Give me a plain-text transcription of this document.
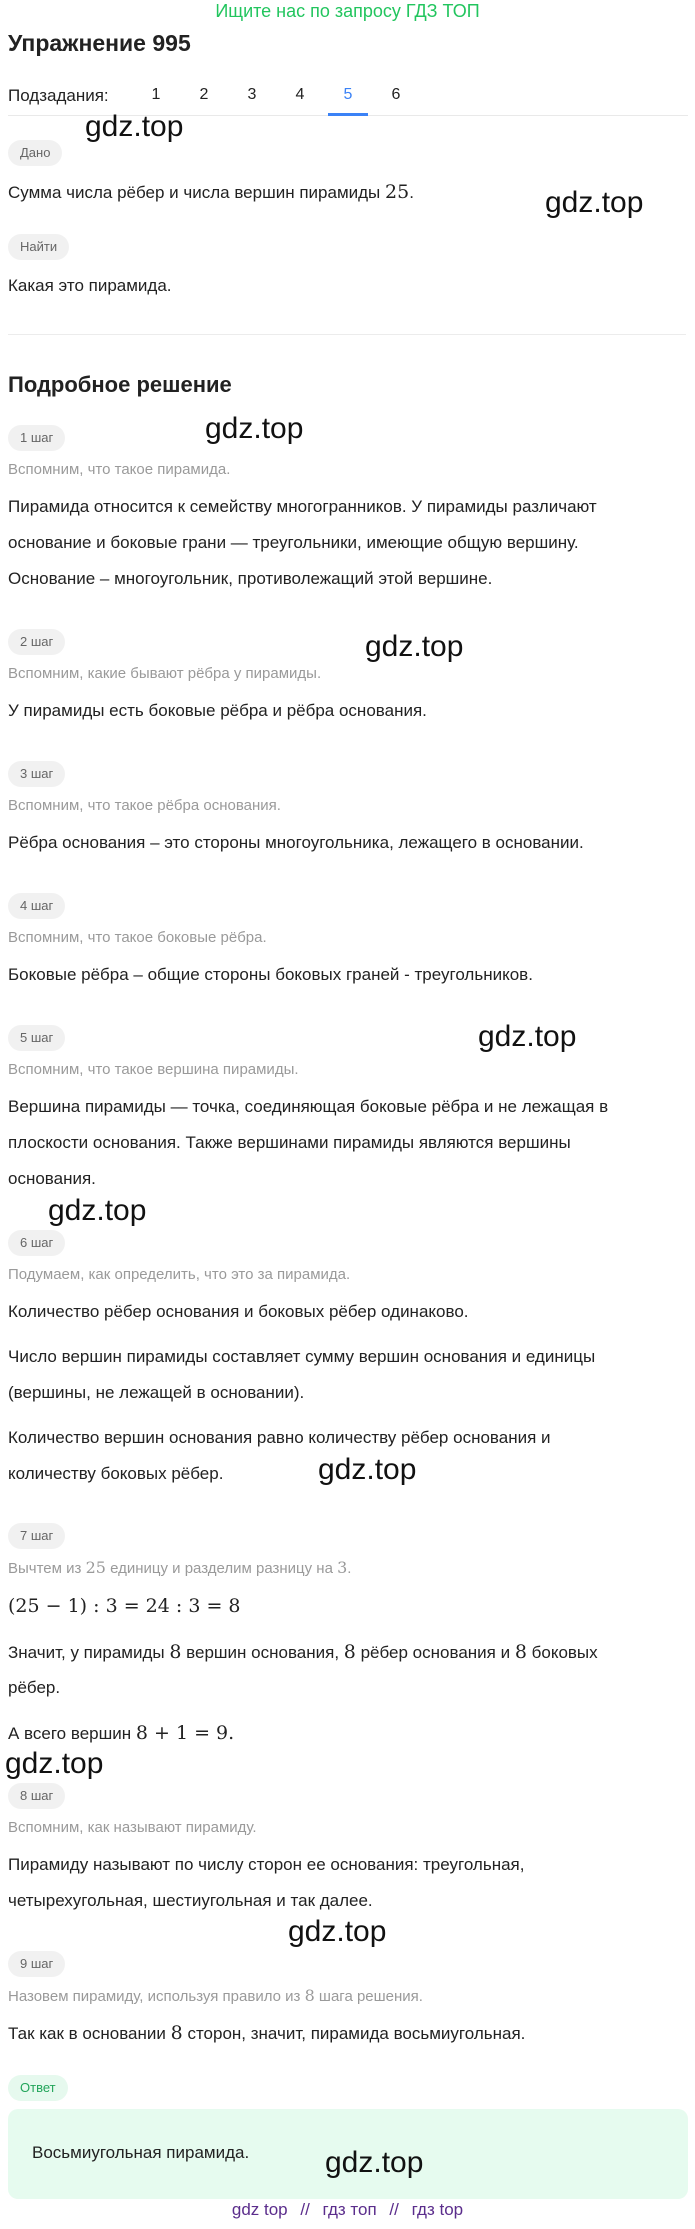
Ищите нас по запросу ГДЗ ТОП
Упражнение 995
Подзадания:	1	2	3	4	5	6
Дано

Сумма числа рёбер и числа вершин пирамиды 25.

Найти

Какая это пирамида.

Подробное решение
1 шаг

Вспомним, что такое пирамида.

Пирамида относится к семейству многогранников. У пирамиды различают

основание и боковые грани — треугольники, имеющие общую вершину.

Основание – многоугольник, противолежащий этой вершине.

2 шаг

Вспомним, какие бывают рёбра у пирамиды.

У пирамиды есть боковые рёбра и рёбра основания.

3 шаг

Вспомним, что такое рёбра основания.

Рёбра основания – это стороны многоугольника, лежащего в основании.

4 шаг

Вспомним, что такое боковые рёбра.

Боковые рёбра – общие стороны боковых граней - треугольников.

5 шаг

Вспомним, что такое вершина пирамиды.

Вершина пирамиды — точка, соединяющая боковые рёбра и не лежащая в

плоскости основания. Также вершинами пирамиды являются вершины

основания.

6 шаг

Подумаем, как определить, что это за пирамида.

Количество рёбер основания и боковых рёбер одинаково.

Число вершин пирамиды составляет сумму вершин основания и единицы

(вершины, не лежащей в основании).

Количество вершин основания равно количеству рёбер основания и

количеству боковых рёбер.

7 шаг

Вычтем из 25 единицу и разделим разницу на 3.

(25 − 1) : 3 = 24 : 3 = 8

Значит, у пирамиды 8 вершин основания, 8 рёбер основания и 8 боковых

рёбер.

А всего вершин 8 + 1 = 9.

8 шаг

Вспомним, как называют пирамиду.

Пирамиду называют по числу сторон ее основания: треугольная,

четырехугольная, шестиугольная и так далее.

9 шаг

Назовем пирамиду, используя правило из 8 шага решения.

Так как в основании 8 сторон, значит, пирамида восьмиугольная.

Ответ
Восьмиугольная пирамида.
gdz.top
gdz.top
gdz.top
gdz.top
gdz.top
gdz.top
gdz.top
gdz.top
gdz.top
gdz.top
gdz top // гдз топ // гдз top
